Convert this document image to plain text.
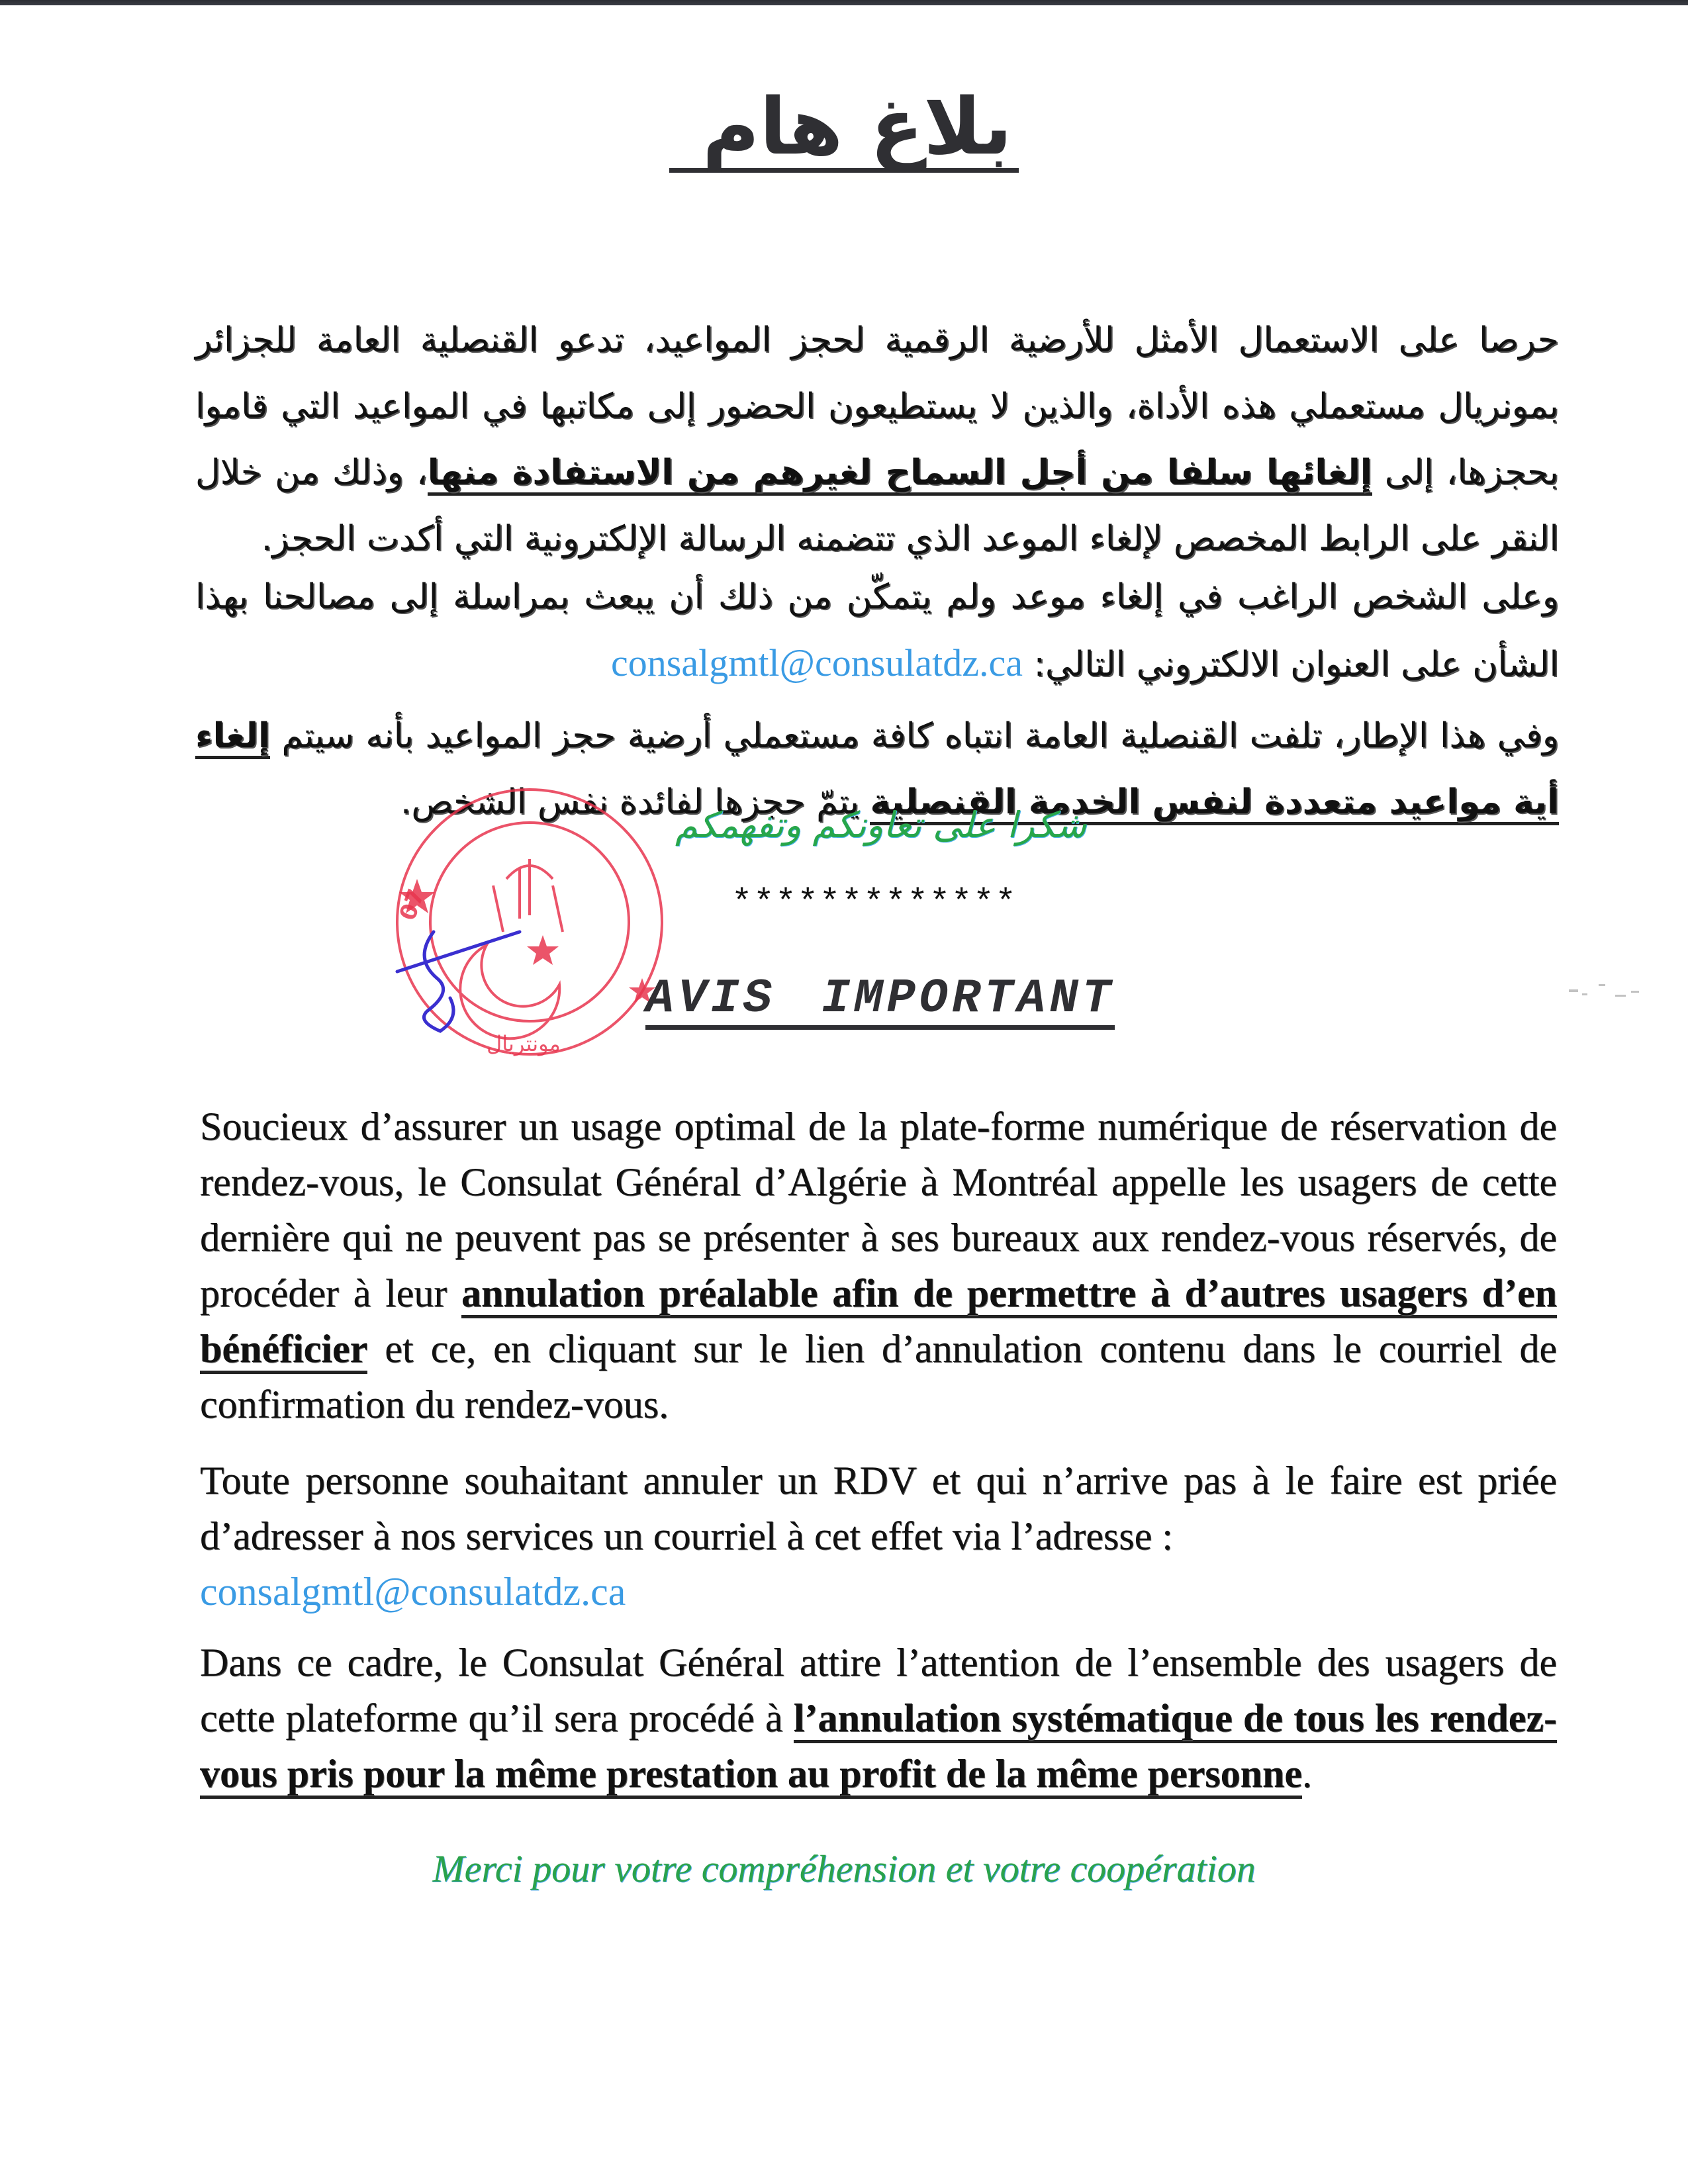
بلاغ هام

حرصا على الاستعمال الأمثل للأرضية الرقمية لحجز المواعيد، تدعو القنصلية العامة للجزائر بمونريال مستعملي هذه الأداة، والذين لا يستطيعون الحضور إلى مكاتبها في المواعيد التي قاموا بحجزها، إلى إلغائها سلفا من أجل السماح لغيرهم من الاستفادة منها، وذلك من خلال النقر على الرابط المخصص لإلغاء الموعد الذي تتضمنه الرسالة الإلكترونية التي أكدت الحجز.

وعلى الشخص الراغب في إلغاء موعد ولم يتمكّن من ذلك أن يبعث بمراسلة إلى مصالحنا بهذا الشأن على العنوان الالكتروني التالي: consalgmtl@consulatdz.ca

وفي هذا الإطار، تلفت القنصلية العامة انتباه كافة مستعملي أرضية حجز المواعيد بأنه سيتم إلغاء أية مواعيد متعددة لنفس الخدمة القنصلية يتمّ حجزها لفائدة نفس الشخص.

شكرا على تعاونكم وتفهمكم
*************
07
مونتريال
AVIS IMPORTANT

Soucieux d’assurer un usage optimal de la plate-forme numérique de réservation de rendez-vous, le Consulat Général d’Algérie à Montréal appelle les usagers de cette dernière qui ne peuvent pas se présenter à ses bureaux aux rendez-vous réservés, de procéder à leur annulation préalable afin de permettre à d’autres usagers d’en bénéficier et ce, en cliquant sur le lien d’annulation contenu dans le courriel de confirmation du rendez-vous.

Toute personne souhaitant annuler un RDV et qui n’arrive pas à le faire est priée d’adresser à nos services un courriel à cet effet via l’adresse :
consalgmtl@consulatdz.ca

Dans ce cadre, le Consulat Général attire l’attention de l’ensemble des usagers de cette plateforme qu’il sera procédé à l’annulation systématique de tous les rendez-vous pris pour la même prestation au profit de la même personne.

Merci pour votre compréhension et votre coopération
